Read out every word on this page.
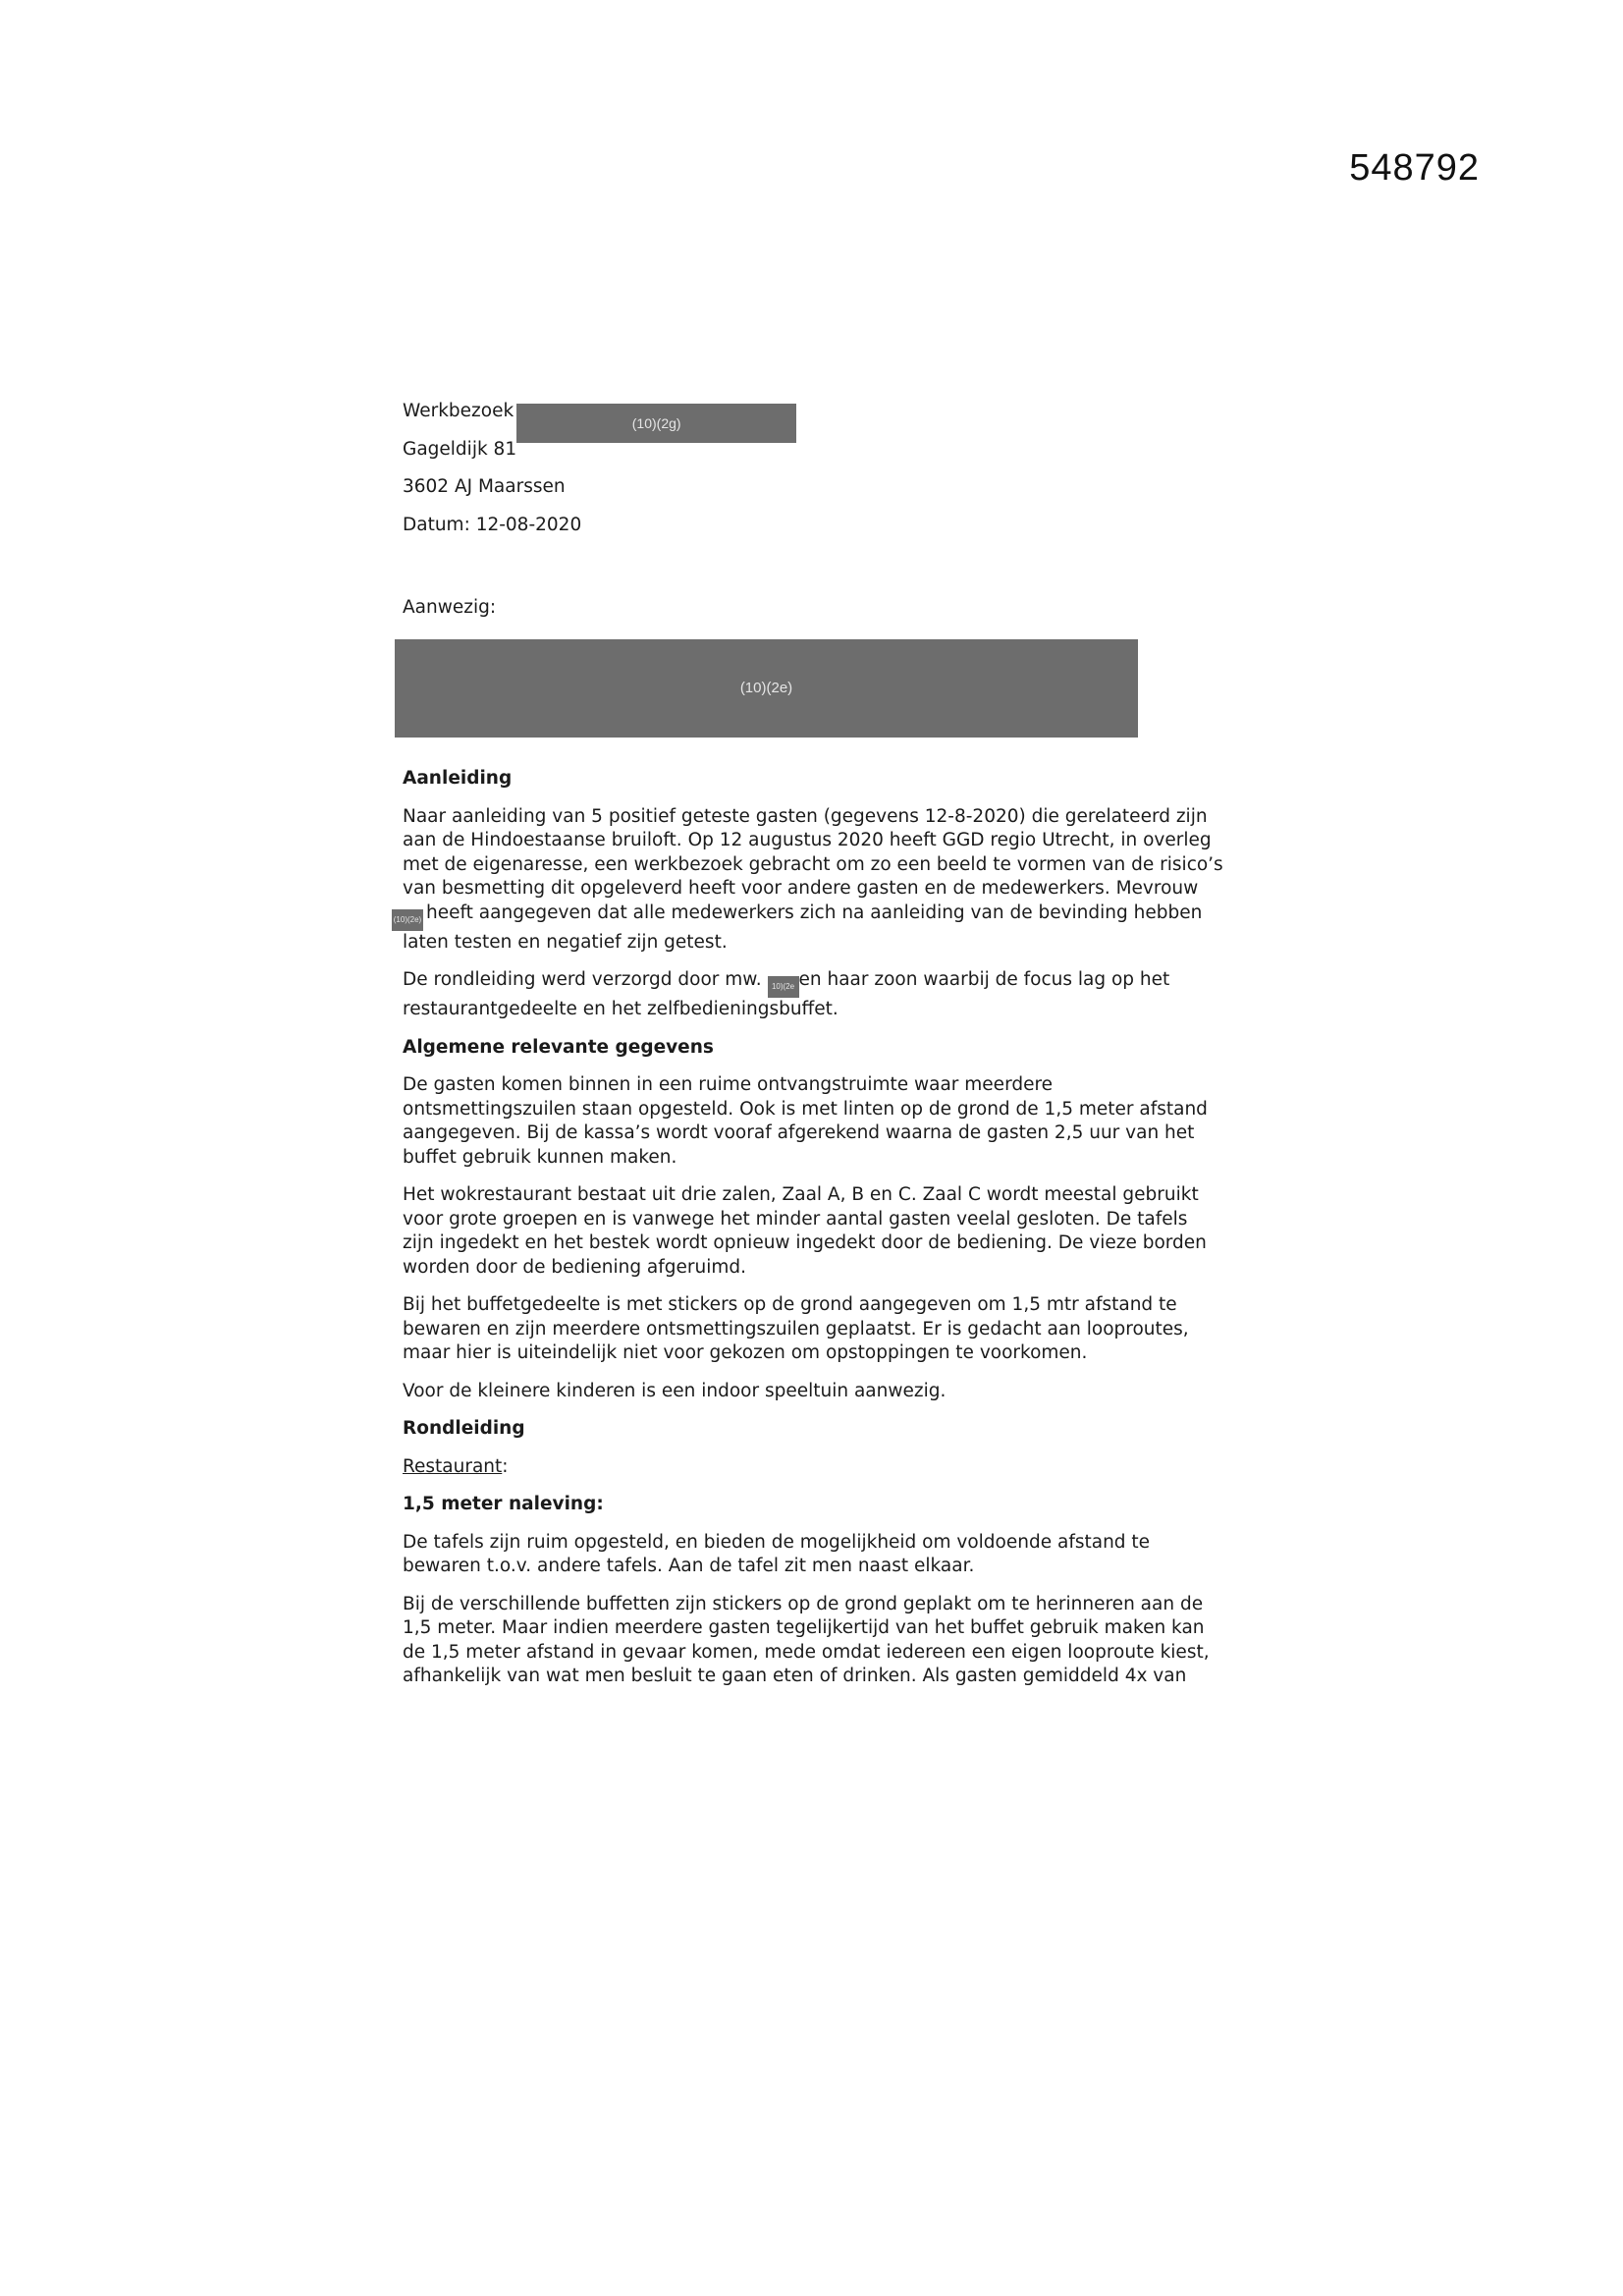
548792
Werkbezoek(10)(2g)
Gageldijk 81
3602 AJ Maarssen
Datum: 12-08-2020
Aanwezig:
(10)(2e)
Aanleiding

Naar aanleiding van 5 positief geteste gasten (gegevens 12-8-2020) die gerelateerd zijn
aan de Hindoestaanse bruiloft. Op 12 augustus 2020 heeft GGD regio Utrecht, in overleg
met de eigenaresse, een werkbezoek gebracht om zo een beeld te vormen van de risico’s
van besmetting dit opgeleverd heeft voor andere gasten en de medewerkers. Mevrouw
(10)(2e) heeft aangegeven dat alle medewerkers zich na aanleiding van de bevinding hebben
laten testen en negatief zijn getest.

De rondleiding werd verzorgd door mw. 10)(2e en haar zoon waarbij de focus lag op het
restaurantgedeelte en het zelfbedieningsbuffet.

Algemene relevante gegevens

De gasten komen binnen in een ruime ontvangstruimte waar meerdere
ontsmettingszuilen staan opgesteld. Ook is met linten op de grond de 1,5 meter afstand
aangegeven. Bij de kassa’s wordt vooraf afgerekend waarna de gasten 2,5 uur van het
buffet gebruik kunnen maken.

Het wokrestaurant bestaat uit drie zalen, Zaal A, B en C. Zaal C wordt meestal gebruikt
voor grote groepen en is vanwege het minder aantal gasten veelal gesloten. De tafels
zijn ingedekt en het bestek wordt opnieuw ingedekt door de bediening. De vieze borden
worden door de bediening afgeruimd.

Bij het buffetgedeelte is met stickers op de grond aangegeven om 1,5 mtr afstand te
bewaren en zijn meerdere ontsmettingszuilen geplaatst. Er is gedacht aan looproutes,
maar hier is uiteindelijk niet voor gekozen om opstoppingen te voorkomen.

Voor de kleinere kinderen is een indoor speeltuin aanwezig.

Rondleiding

Restaurant:

1,5 meter naleving:

De tafels zijn ruim opgesteld, en bieden de mogelijkheid om voldoende afstand te
bewaren t.o.v. andere tafels. Aan de tafel zit men naast elkaar.

Bij de verschillende buffetten zijn stickers op de grond geplakt om te herinneren aan de
1,5 meter. Maar indien meerdere gasten tegelijkertijd van het buffet gebruik maken kan
de 1,5 meter afstand in gevaar komen, mede omdat iedereen een eigen looproute kiest,
afhankelijk van wat men besluit te gaan eten of drinken. Als gasten gemiddeld 4x van
